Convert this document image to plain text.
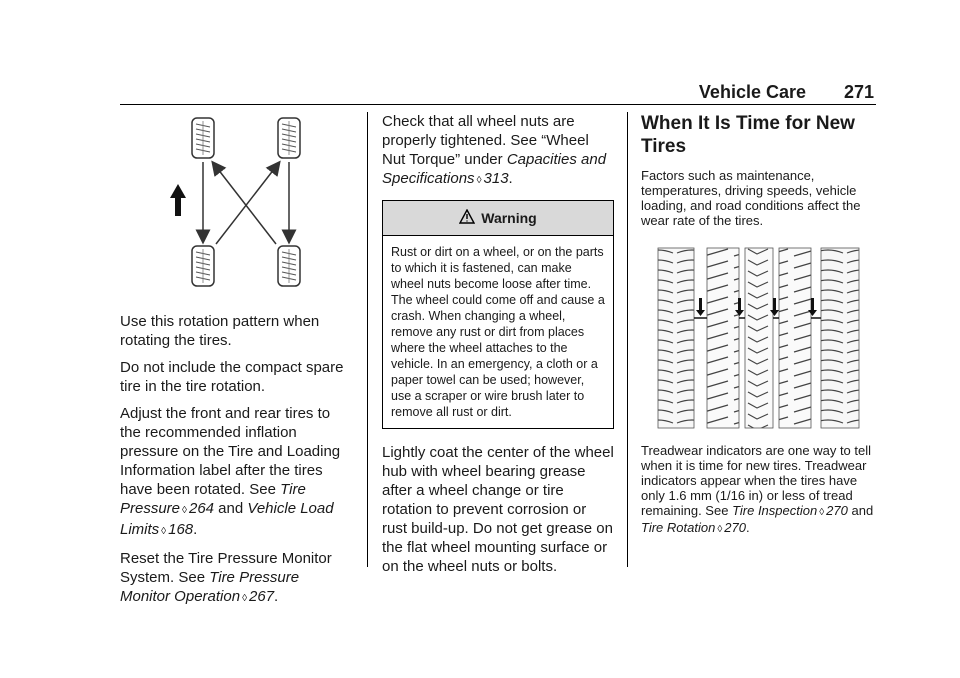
Vehicle Care 271

Use this rotation pattern when rotating the tires.

Do not include the compact spare tire in the tire rotation.

Adjust the front and rear tires to the recommended inflation pressure on the Tire and Loading Information label after the tires have been rotated. See Tire Pressure ◊ 264 and Vehicle Load Limits ◊ 168.

Reset the Tire Pressure Monitor System. See Tire Pressure Monitor Operation ◊ 267.

Check that all wheel nuts are properly tightened. See “Wheel Nut Torque” under Capacities and Specifications ◊ 313.

Warning
Rust or dirt on a wheel, or on the parts to which it is fastened, can make wheel nuts become loose after time. The wheel could come off and cause a crash. When changing a wheel, remove any rust or dirt from places where the wheel attaches to the vehicle. In an emergency, a cloth or a paper towel can be used; however, use a scraper or wire brush later to remove all rust or dirt.

Lightly coat the center of the wheel hub with wheel bearing grease after a wheel change or tire rotation to prevent corrosion or rust build-up. Do not get grease on the flat wheel mounting surface or on the wheel nuts or bolts.

When It Is Time for New Tires

Factors such as maintenance, temperatures, driving speeds, vehicle loading, and road conditions affect the wear rate of the tires.

Treadwear indicators are one way to tell when it is time for new tires. Treadwear indicators appear when the tires have only 1.6 mm (1/16 in) or less of tread remaining. See Tire Inspection ◊ 270 and Tire Rotation ◊ 270.
